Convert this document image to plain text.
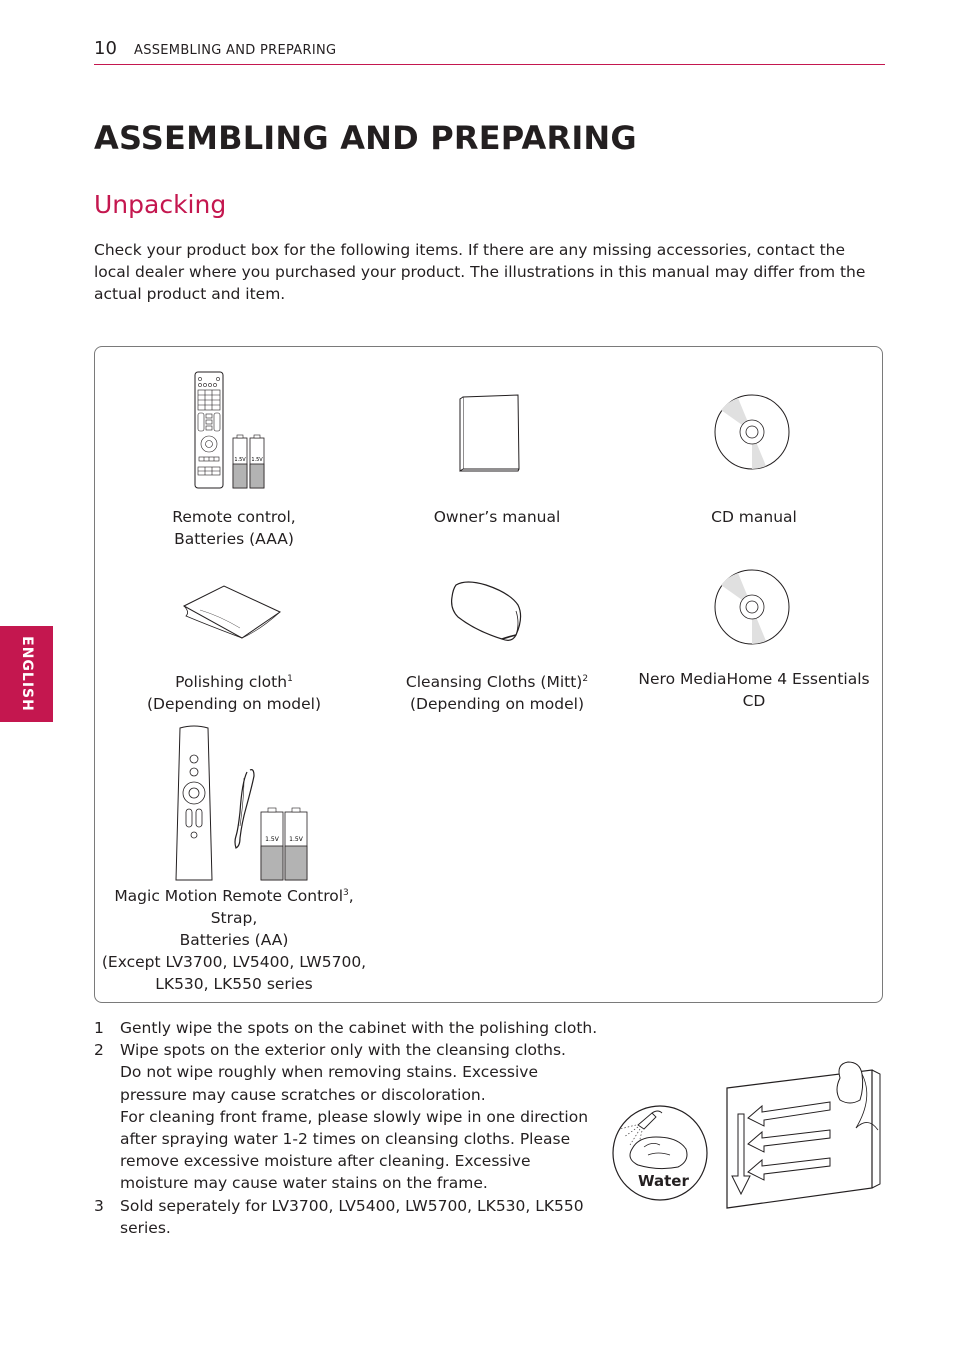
10 ASSEMBLING AND PREPARING
ENGLISH
ASSEMBLING AND PREPARING
Unpacking

Check your product box for the following items. If there are any missing accessories, contact the local dealer where you purchased your product. The illustrations in this manual may differ from the actual product and item.

1.5V 1.5V
Remote control,
Batteries (AAA)
Owner’s manual	CD manual
Polishing cloth$^1$
(Depending on model)
Cleansing Cloths (Mitt)$^2$
(Depending on model)
Nero MediaHome 4 Essentials
CD
1.5V 1.5V
Magic Motion Remote Control$^3$,
Strap,
Batteries (AA)
(Except LV3700, LV5400, LW5700,
LK530, LK550 series
1 Gently wipe the spots on the cabinet with the polishing cloth.

2 Wipe spots on the exterior only with the cleansing cloths.

Do not wipe roughly when removing stains. Excessive pressure may cause scratches or discoloration.

For cleaning front frame, please slowly wipe in one direction after spraying water 1-2 times on cleansing cloths. Please remove excessive moisture after cleaning. Excessive moisture may cause water stains on the frame.

3 Sold seperately for LV3700, LV5400, LW5700, LK530, LK550 series.

Water
